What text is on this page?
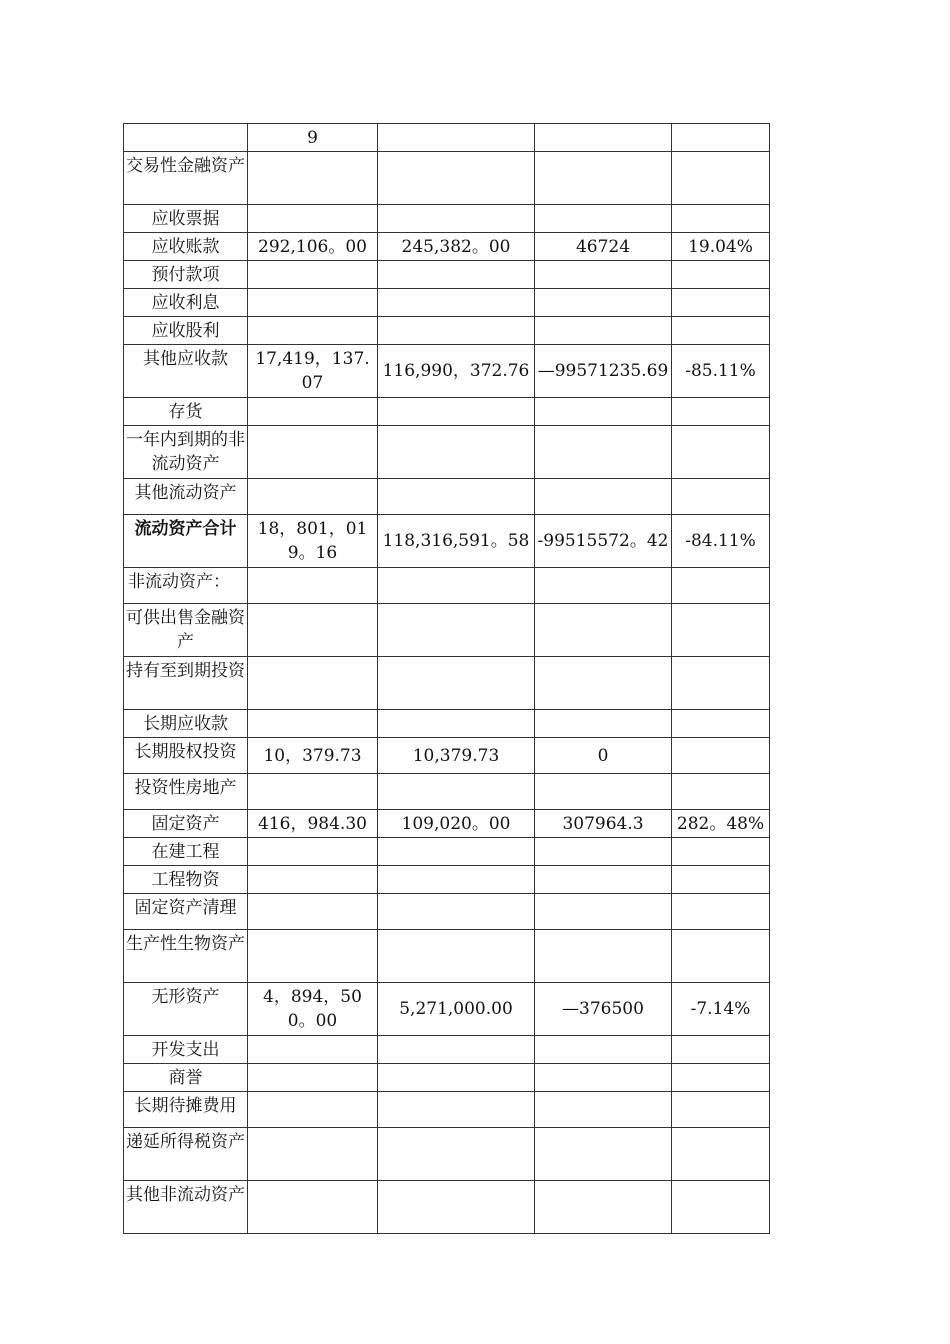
	9			
交易性金融资产				
应收票据				
应收账款	292,106。00	245,382。00	46724	19.04%
预付款项				
应收利息				
应收股利				
其他应收款	17,419，137.07	116,990，372.76	—99571235.69	-85.11%
存货				
一年内到期的非流动资产				
其他流动资产				
流动资产合计	18，801，019。16	118,316,591。58	-99515572。42	-84.11%
非流动资产：				
可供出售金融资产				
持有至到期投资				
长期应收款				
长期股权投资	10，379.73	10,379.73	0	
投资性房地产				
固定资产	416，984.30	109,020。00	307964.3	282。48%
在建工程				
工程物资				
固定资产清理				
生产性生物资产				
无形资产	4，894，500。00	5,271,000.00	—376500	-7.14%
开发支出				
商誉				
长期待摊费用				
递延所得税资产				
其他非流动资产				
